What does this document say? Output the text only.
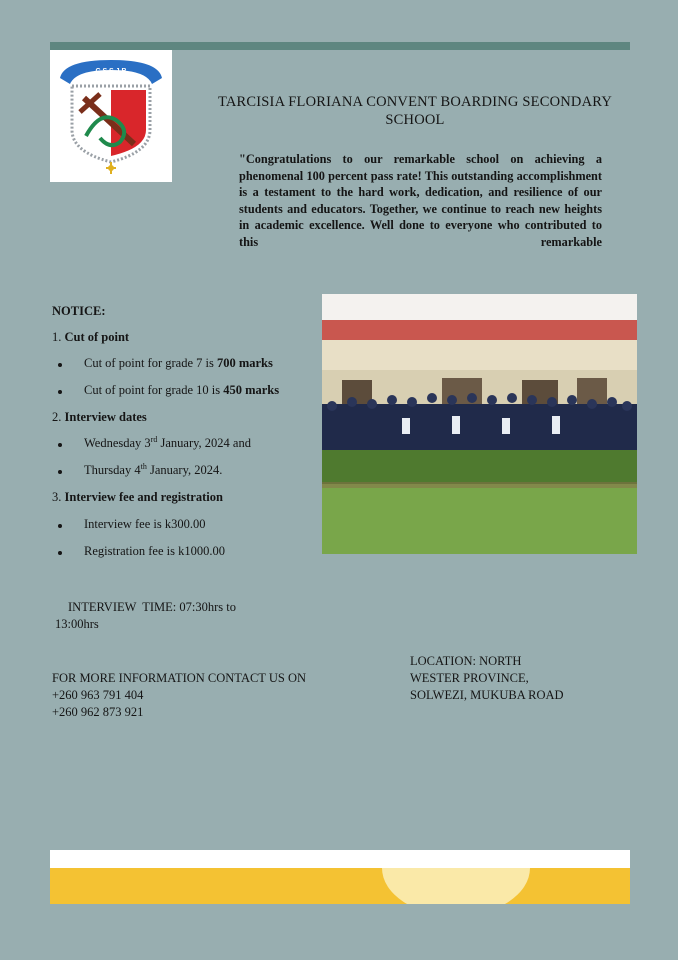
C S S J B
TARCISIA FLORIANA CONVENT BOARDING SECONDARY SCHOOL
"Congratulations to our remarkable school on achieving a phenomenal 100 percent pass rate! This outstanding accomplishment is a testament to the hard work, dedication, and resilience of our students and educators. Together, we continue to reach new heights in academic excellence. Well done to everyone who contributed to this remarkable
NOTICE:
1. Cut of point
Cut of point for grade 7 is 700 marks
Cut of point for grade 10 is 450 marks
2. Interview dates
Wednesday 3rd January, 2024 and
Thursday 4th January, 2024.
3. Interview fee and registration
Interview fee is k300.00
Registration fee is k1000.00
INTERVIEW  TIME: 07:30hrs to
13:00hrs
FOR MORE INFORMATION CONTACT US ON
+260 963 791 404
+260 962 873 921
LOCATION: NORTH
WESTER PROVINCE,
SOLWEZI, MUKUBA ROAD
